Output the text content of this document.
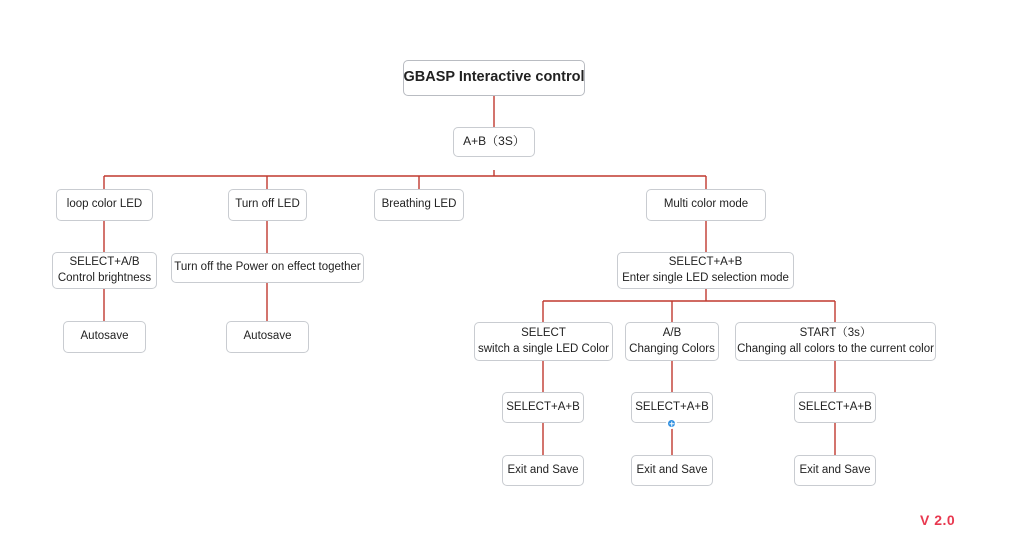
GBASP Interactive control
A+B（3S）
loop color LED	Turn off LED	Breathing LED	Multi color mode
SELECT+A/B
Control brightness
Turn off the Power on effect together
Autosave	Autosave
SELECT+A+B
Enter single LED selection mode
SELECT
switch a single LED Color
A/B
Changing Colors
START（3s）
Changing all colors to the current color
SELECT+A+B	SELECT+A+B	SELECT+A+B
Exit and Save	Exit and Save	Exit and Save
V 2.0
